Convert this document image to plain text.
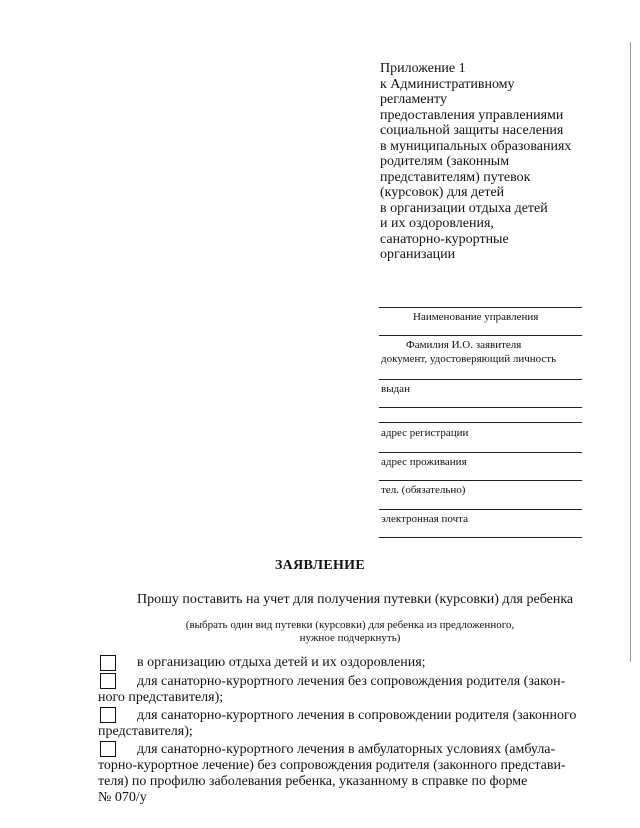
Приложение 1
к Административному
регламенту
предоставления управлениями
социальной защиты населения
в муниципальных образованиях
родителям (законным
представителям) путевок
(курсовок) для детей
в организации отдыха детей
и их оздоровления,
санаторно-курортные
организации
Наименование управления
Фамилия И.О. заявителя
документ, удостоверяющий личность
выдан
адрес регистрации
адрес проживания
тел. (обязательно)
электронная почта
ЗАЯВЛЕНИЕ
Прошу поставить на учет для получения путевки (курсовки) для ребенка
(выбрать один вид путевки (курсовки) для ребенка из предложенного,
нужное подчеркнуть)
в организацию отдыха детей и их оздоровления;
для санаторно-курортного лечения без сопровождения родителя (закон-
ного представителя);
для санаторно-курортного лечения в сопровождении родителя (законного
представителя);
для санаторно-курортного лечения в амбулаторных условиях (амбула-
торно-курортное лечение) без сопровождения родителя (законного представи-
теля) по профилю заболевания ребенка, указанному в справке по форме
№ 070/у
